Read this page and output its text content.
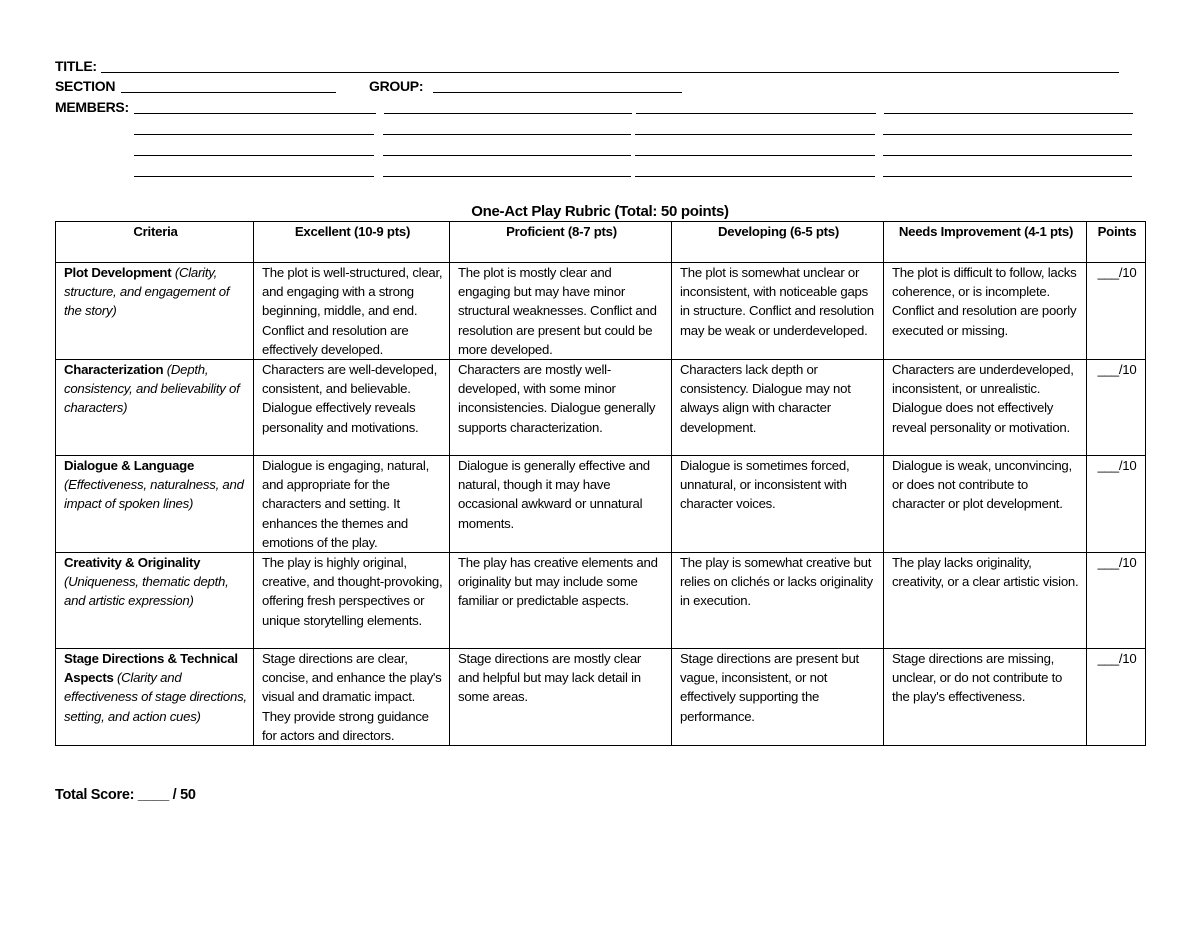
TITLE:
SECTION	GROUP:
MEMBERS:
One-Act Play Rubric (Total: 50 points)
Criteria	Excellent (10-9 pts)	Proficient (8-7 pts)	Developing (6-5 pts)	Needs Improvement (4-1 pts)	Points
Plot Development (Clarity, structure, and engagement of the story)	The plot is well-structured, clear, and engaging with a strong beginning, middle, and end. Conflict and resolution are effectively developed.	The plot is mostly clear and engaging but may have minor structural weaknesses. Conflict and resolution are present but could be more developed.	The plot is somewhat unclear or inconsistent, with noticeable gaps in structure. Conflict and resolution may be weak or underdeveloped.	The plot is difficult to follow, lacks coherence, or is incomplete. Conflict and resolution are poorly executed or missing.	___/10
Characterization (Depth, consistency, and believability of characters)	Characters are well-developed, consistent, and believable. Dialogue effectively reveals personality and motivations.	Characters are mostly well-developed, with some minor inconsistencies. Dialogue generally supports characterization.	Characters lack depth or consistency. Dialogue may not always align with character development.	Characters are underdeveloped, inconsistent, or unrealistic. Dialogue does not effectively reveal personality or motivation.	___/10
Dialogue & Language (Effectiveness, naturalness, and impact of spoken lines)	Dialogue is engaging, natural, and appropriate for the characters and setting. It enhances the themes and emotions of the play.	Dialogue is generally effective and natural, though it may have occasional awkward or unnatural moments.	Dialogue is sometimes forced, unnatural, or inconsistent with character voices.	Dialogue is weak, unconvincing, or does not contribute to character or plot development.	___/10
Creativity & Originality (Uniqueness, thematic depth, and artistic expression)	The play is highly original, creative, and thought-provoking, offering fresh perspectives or unique storytelling elements.	The play has creative elements and originality but may include some familiar or predictable aspects.	The play is somewhat creative but relies on clichés or lacks originality in execution.	The play lacks originality, creativity, or a clear artistic vision.	___/10
Stage Directions & Technical Aspects (Clarity and effectiveness of stage directions, setting, and action cues)	Stage directions are clear, concise, and enhance the play's visual and dramatic impact. They provide strong guidance for actors and directors.	Stage directions are mostly clear and helpful but may lack detail in some areas.	Stage directions are present but vague, inconsistent, or not effectively supporting the performance.	Stage directions are missing, unclear, or do not contribute to the play's effectiveness.	___/10
Total Score: ____ / 50
